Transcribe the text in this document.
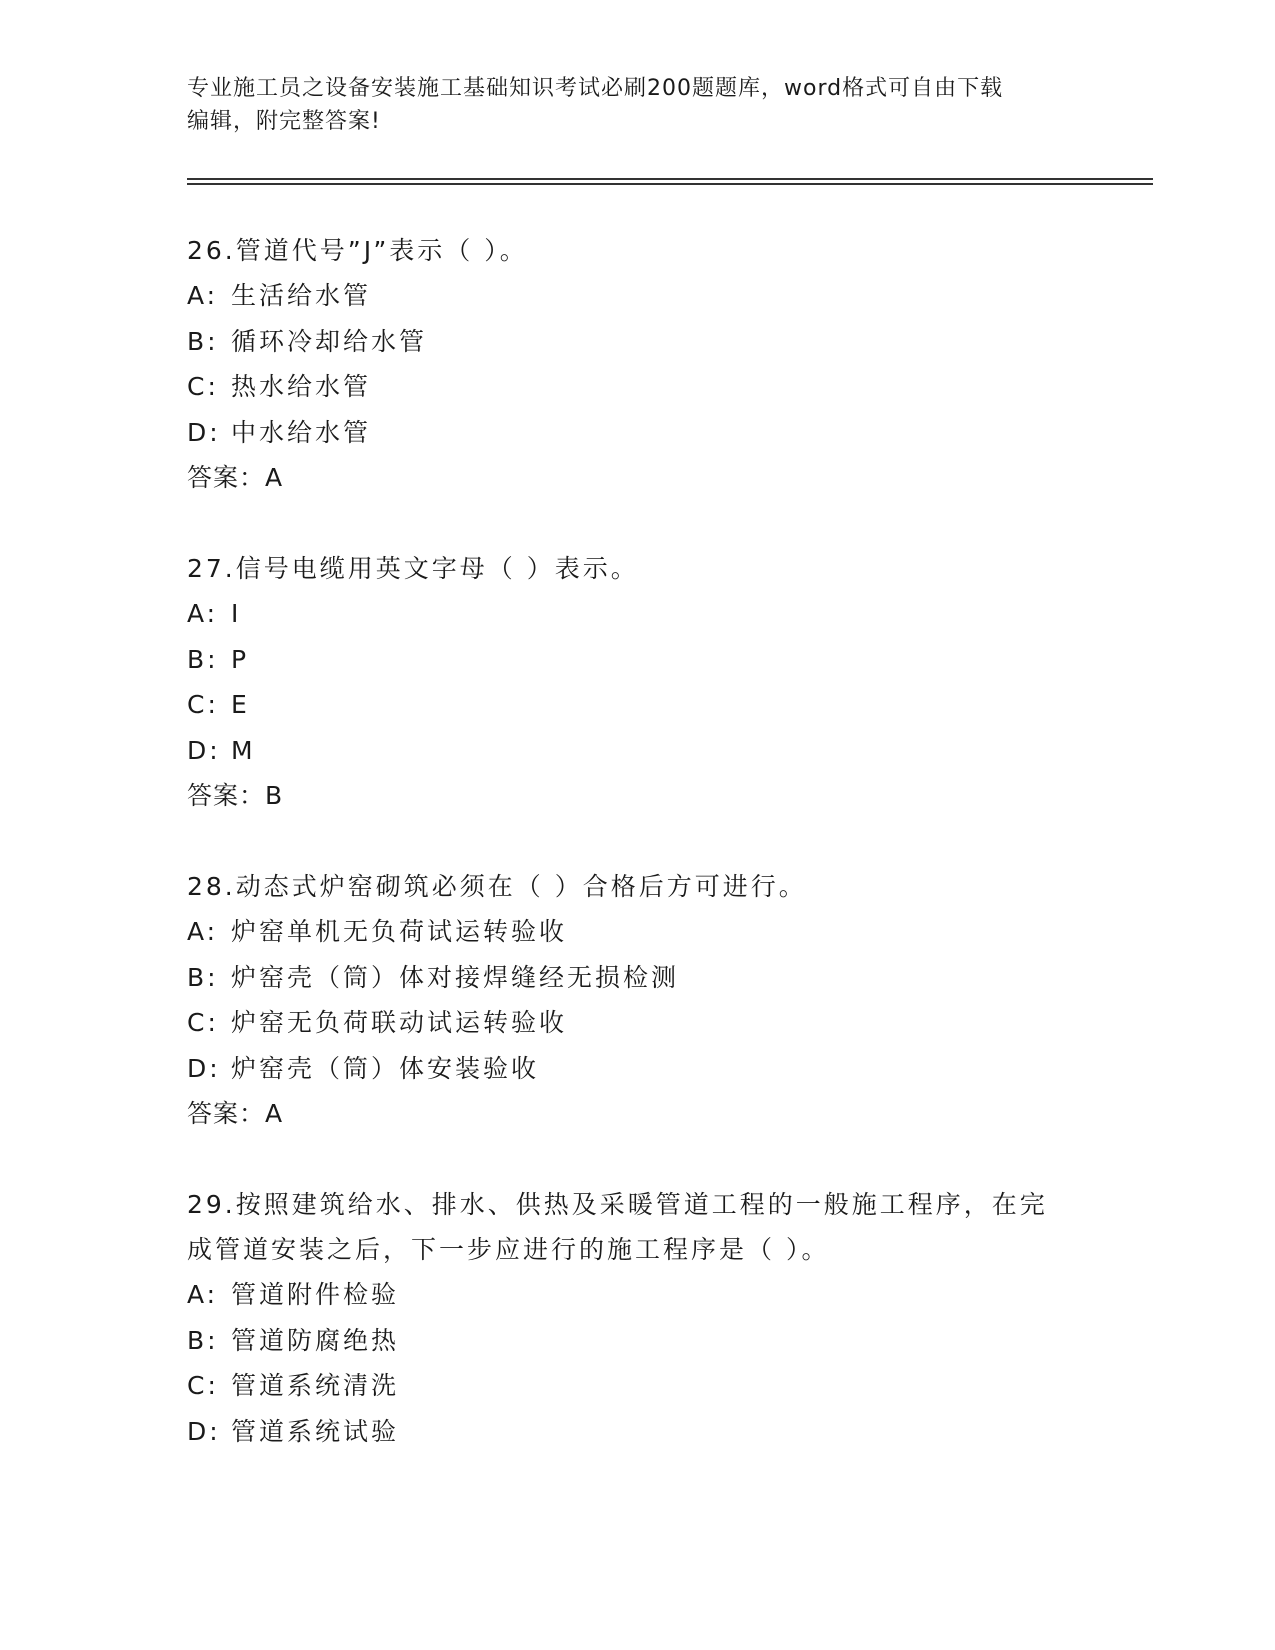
专业施工员之设备安装施工基础知识考试必刷200题题库，word格式可自由下载
编辑，附完整答案!

26.管道代号”J”表示（ ）。

A: 生活给水管

B: 循环冷却给水管

C: 热水给水管

D: 中水给水管

答案：A

27.信号电缆用英文字母（ ）表示。

A: I

B: P

C: E

D: M

答案：B

28.动态式炉窑砌筑必须在（ ）合格后方可进行。

A: 炉窑单机无负荷试运转验收

B: 炉窑壳（筒）体对接焊缝经无损检测

C: 炉窑无负荷联动试运转验收

D: 炉窑壳（筒）体安装验收

答案：A

29.按照建筑给水、排水、供热及采暖管道工程的一般施工程序，在完

成管道安装之后，下一步应进行的施工程序是（ ）。

A: 管道附件检验

B: 管道防腐绝热

C: 管道系统清洗

D: 管道系统试验
